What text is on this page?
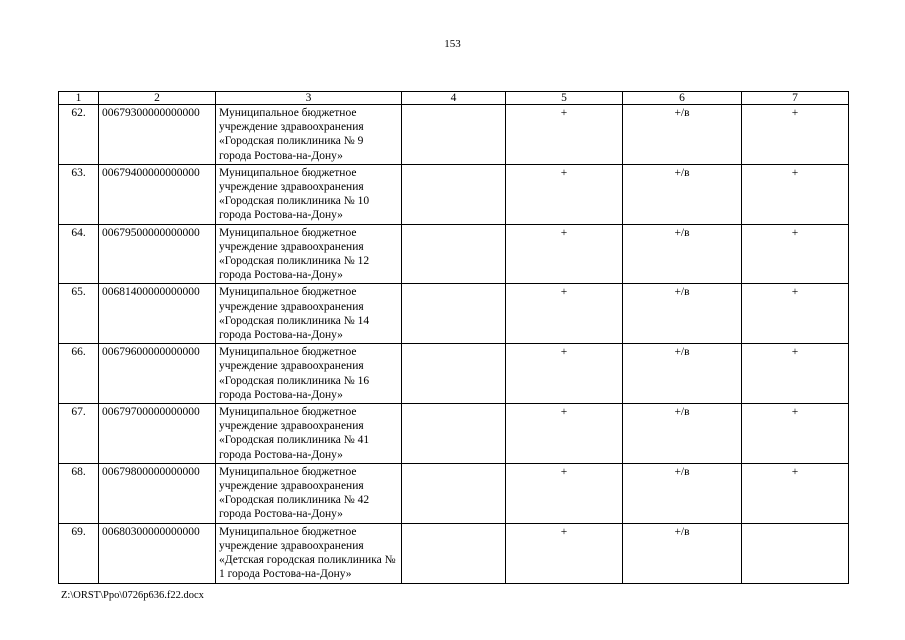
153
1	2	3	4	5	6	7
62.	00679300000000000	Муниципальное бюджетное учреждение здравоохранения «Городская поликлиника № 9 города Ростова-на-Дону»		+	+/в	+
63.	00679400000000000	Муниципальное бюджетное учреждение здравоохранения «Городская поликлиника № 10 города Ростова-на-Дону»		+	+/в	+
64.	00679500000000000	Муниципальное бюджетное учреждение здравоохранения «Городская поликлиника № 12 города Ростова-на-Дону»		+	+/в	+
65.	00681400000000000	Муниципальное бюджетное учреждение здравоохранения «Городская поликлиника № 14 города Ростова-на-Дону»		+	+/в	+
66.	00679600000000000	Муниципальное бюджетное учреждение здравоохранения «Городская поликлиника № 16 города Ростова-на-Дону»		+	+/в	+
67.	00679700000000000	Муниципальное бюджетное учреждение здравоохранения «Городская поликлиника № 41 города Ростова-на-Дону»		+	+/в	+
68.	00679800000000000	Муниципальное бюджетное учреждение здравоохранения «Городская поликлиника № 42 города Ростова-на-Дону»		+	+/в	+
69.	00680300000000000	Муниципальное бюджетное учреждение здравоохранения «Детская городская поликлиника № 1 города Ростова-на-Дону»		+	+/в	
Z:\ORST\Ppo\0726p636.f22.docx
